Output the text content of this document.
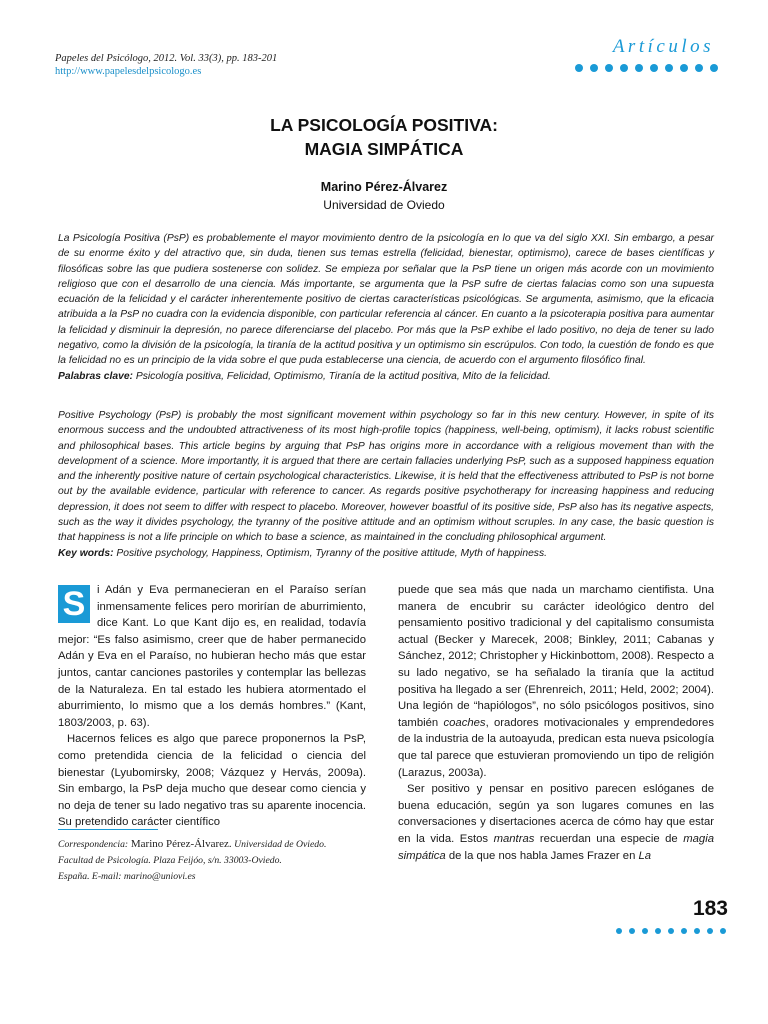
Papeles del Psicólogo, 2012. Vol. 33(3), pp. 183-201
http://www.papelesdelpsicologo.es
Artículos
LA PSICOLOGÍA POSITIVA:
MAGIA SIMPÁTICA
Marino Pérez-Álvarez
Universidad de Oviedo
La Psicología Positiva (PsP) es probablemente el mayor movimiento dentro de la psicología en lo que va del siglo XXI. Sin embargo, a pesar de su enorme éxito y del atractivo que, sin duda, tienen sus temas estrella (felicidad, bienestar, optimismo), carece de bases científicas y filosóficas sobre las que pudiera sostenerse con solidez. Se empieza por señalar que la PsP tiene un origen más acorde con un movimiento religioso que con el desarrollo de una ciencia. Más importante, se argumenta que la PsP sufre de ciertas falacias como son una supuesta ecuación de la felicidad y el carácter inherentemente positivo de ciertas características psicológicas. Se argumenta, asimismo, que la eficacia atribuida a la PsP no cuadra con la evidencia disponible, con particular referencia al cáncer. En cuanto a la psicoterapia positiva para aumentar la felicidad y disminuir la depresión, no parece diferenciarse del placebo. Por más que la PsP exhibe el lado positivo, no deja de tener su lado negativo, como la división de la psicología, la tiranía de la actitud positiva y un optimismo sin escrúpulos. Con todo, la cuestión de fondo es que la felicidad no es un principio de la vida sobre el que pudа establecerse una ciencia, de acuerdo con el argumento filosófico final.
Palabras clave: Psicología positiva, Felicidad, Optimismo, Tiranía de la actitud positiva, Mito de la felicidad.
Positive Psychology (PsP) is probably the most significant movement within psychology so far in this new century. However, in spite of its enormous success and the undoubted attractiveness of its most high-profile topics (happiness, well-being, optimism), it lacks robust scientific and philosophical bases. This article begins by arguing that PsP has origins more in accordance with a religious movement than with the development of a science. More importantly, it is argued that there are certain fallacies underlying PsP, such as a supposed happiness equation and the inherently positive nature of certain psychological characteristics. Likewise, it is held that the effectiveness attributed to PsP is not borne out by the available evidence, particular with reference to cancer. As regards positive psychotherapy for increasing happiness and reducing depression, it does not seem to differ with respect to placebo. Moreover, however boastful of its positive side, PsP also has its negative aspects, such as the way it divides psychology, the tyranny of the positive attitude and an optimism without scruples. In any case, the basic question is that happiness is not a life principle on which to base a science, as maintained in the concluding philosophical argument.
Key words: Positive psychology, Happiness, Optimism, Tyranny of the positive attitude, Myth of happiness.

S	i Adán y Eva permanecieran en el Paraíso serían inmensamente felices pero morirían de aburrimiento, dice Kant. Lo que Kant dijo es, en realidad, todavía mejor: “Es falso asimismo, creer que de haber permanecido Adán y Eva en el Paraíso, no hubieran hecho más que estar juntos, cantar canciones pastoriles y contemplar las bellezas de la Naturaleza. En tal estado les hubiera atormentado el aburrimiento, lo mismo que a los demás hombres.” (Kant, 1803/2003, p. 63).

Hacernos felices es algo que parece proponernos la PsP, como pretendida ciencia de la felicidad o ciencia del bienestar (Lyubomirsky, 2008; Vázquez y Hervás, 2009a). Sin embargo, la PsP deja mucho que desear como ciencia y no deja de tener su lado negativo tras su aparente inocencia. Su pretendido carácter científico

puede que sea más que nada un marchamo cientifista. Una manera de encubrir su carácter ideológico dentro del pensamiento positivo tradicional y del capitalismo consumista actual (Becker y Marecek, 2008; Binkley, 2011; Cabanas y Sánchez, 2012; Christopher y Hickinbottom, 2008). Respecto a su lado negativo, se ha señalado la tiranía que la actitud positiva ha llegado a ser (Ehrenreich, 2011; Held, 2002; 2004). Una legión de “hapiólogos”, no sólo psicólogos positivos, sino también coaches, oradores motivacionales y emprendedores de la industria de la autoayuda, predican esta nueva psicología que tal parece que estuvieran promoviendo un tipo de religión (Larazus, 2003a).

Ser positivo y pensar en positivo parecen eslóganes de buena educación, según ya son lugares comunes en las conversaciones y disertaciones acerca de cómo hay que estar en la vida. Estos mantras recuerdan una especie de magia simpática de la que nos habla James Frazer en La

Correspondencia: Marino Pérez-Álvarez. Universidad de Oviedo.
Facultad de Psicología. Plaza Feijóo, s/n. 33003-Oviedo.
España. E-mail: marino@uniovi.es
183
